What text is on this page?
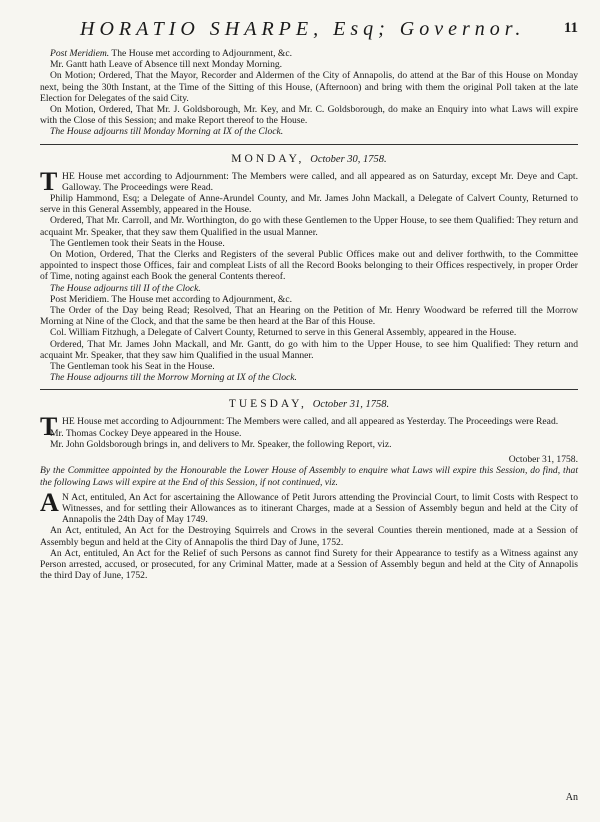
HORATIO SHARPE, Esq; Governor.	11

Post Meridiem. The House met according to Adjournment, &c.

Mr. Gantt hath Leave of Absence till next Monday Morning.

On Motion; Ordered, That the Mayor, Recorder and Aldermen of the City of Annapolis, do attend at the Bar of this House on Monday next, being the 30th Instant, at the Time of the Sitting of this House, (Afternoon) and bring with them the original Poll taken at the late Election for Delegates of the said City.

On Motion, Ordered, That Mr. J. Goldsborough, Mr. Key, and Mr. C. Goldsborough, do make an Enquiry into what Laws will expire with the Close of this Session; and make Report thereof to the House.

The House adjourns till Monday Morning at IX of the Clock.

MONDAY, October 30, 1758.

T HE House met according to Adjournment: The Members were called, and all appeared as on Saturday, except Mr. Deye and Capt. Galloway. The Proceedings were Read.

Philip Hammond, Esq; a Delegate of Anne-Arundel County, and Mr. James John Mackall, a Delegate of Calvert County, Returned to serve in this General Assembly, appeared in the House.

Ordered, That Mr. Carroll, and Mr. Worthington, do go with these Gentlemen to the Upper House, to see them Qualified: They return and acquaint Mr. Speaker, that they saw them Qualified in the usual Manner.

The Gentlemen took their Seats in the House.

On Motion, Ordered, That the Clerks and Registers of the several Public Offices make out and deliver forthwith, to the Committee appointed to inspect those Offices, fair and compleat Lists of all the Record Books belonging to their Offices respectively, in proper Order of Time, noting against each Book the general Contents thereof.

The House adjourns till II of the Clock.

Post Meridiem. The House met according to Adjournment, &c.

The Order of the Day being Read; Resolved, That an Hearing on the Petition of Mr. Henry Woodward be referred till the Morrow Morning at Nine of the Clock, and that the same be then heard at the Bar of this House.

Col. William Fitzhugh, a Delegate of Calvert County, Returned to serve in this General Assembly, appeared in the House.

Ordered, That Mr. James John Mackall, and Mr. Gantt, do go with him to the Upper House, to see him Qualified: They return and acquaint Mr. Speaker, that they saw him Qualified in the usual Manner.

The Gentleman took his Seat in the House.

The House adjourns till the Morrow Morning at IX of the Clock.

TUESDAY, October 31, 1758.

T HE House met according to Adjournment: The Members were called, and all appeared as Yesterday. The Proceedings were Read.

Mr. Thomas Cockey Deye appeared in the House.

Mr. John Goldsborough brings in, and delivers to Mr. Speaker, the following Report, viz.

October 31, 1758.

By the Committee appointed by the Honourable the Lower House of Assembly to enquire what Laws will expire this Session, do find, that the following Laws will expire at the End of this Session, if not continued, viz.

A N Act, entituled, An Act for ascertaining the Allowance of Petit Jurors attending the Provincial Court, to limit Costs with Respect to Witnesses, and for settling their Allowances as to itinerant Charges, made at a Session of Assembly begun and held at the City of Annapolis the 24th Day of May 1749.

An Act, entituled, An Act for the Destroying Squirrels and Crows in the several Counties therein mentioned, made at a Session of Assembly begun and held at the City of Annapolis the third Day of June, 1752.

An Act, entituled, An Act for the Relief of such Persons as cannot find Surety for their Appearance to testify as a Witness against any Person arrested, accused, or prosecuted, for any Criminal Matter, made at a Session of Assembly begun and held at the City of Annapolis the third Day of June, 1752.

An
